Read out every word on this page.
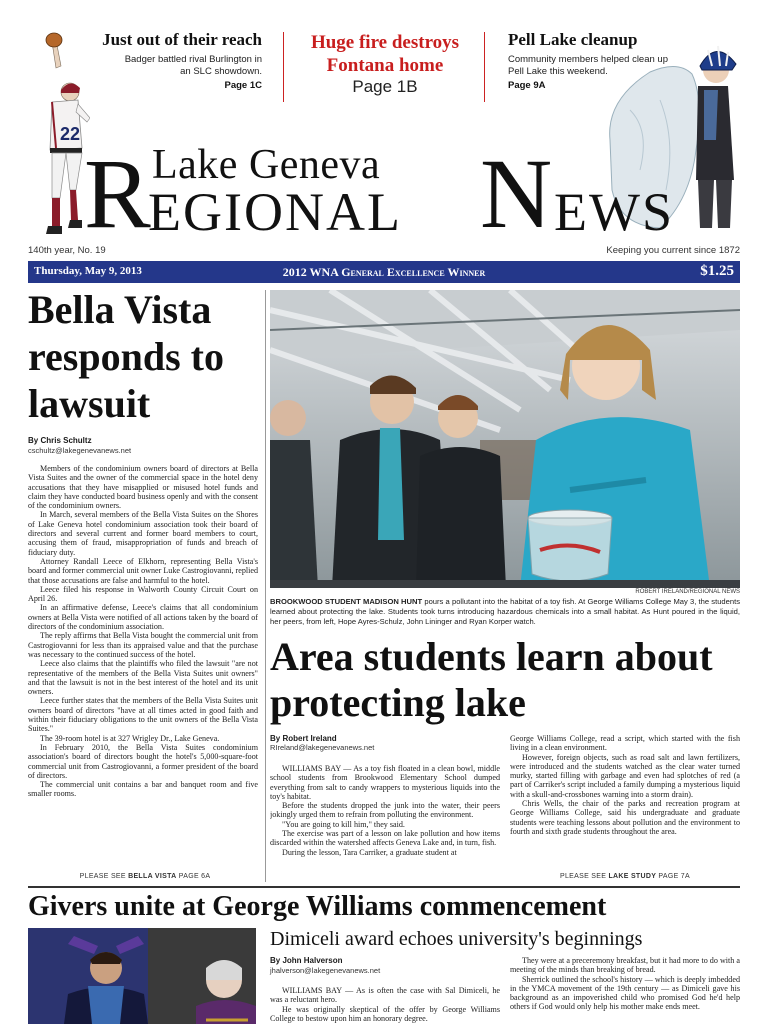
22
Just out of their reach
Badger battled rival Burlington in an SLC showdown.
Page 1C
Huge fire destroys Fontana home
Page 1B
Pell Lake cleanup
Community members helped clean up Pell Lake this weekend.
Page 9A
Lake Geneva
R
EGIONAL N EWS
140th year, No. 19	Keeping you current since 1872
Thursday, May 9, 2013	2012 WNA General Excellence Winner	$1.25
Bella Vista responds to lawsuit
By Chris Schultz
cschultz@lakegenevanews.net

Members of the condominium owners board of directors at Bella Vista Suites and the owner of the commercial space in the hotel deny accusations that they have misapplied or misused hotel funds and claim they have conducted board business openly and with the consent of the condominium owners.

In March, several members of the Bella Vista Suites on the Shores of Lake Geneva hotel condominium association took their board of directors and several current and former board members to court, accusing them of fraud, misappropriation of funds and breach of fiduciary duty.

Attorney Randall Leece of Elkhorn, representing Bella Vista's board and former commercial unit owner Luke Castrogiovanni, replied that those accusations are false and harmful to the hotel.

Leece filed his response in Walworth County Circuit Court on April 26.

In an affirmative defense, Leece's claims that all condominium owners at Bella Vista were notified of all actions taken by the board of directors of the condominium association.

The reply affirms that Bella Vista bought the commercial unit from Castrogiovanni for less than its appraised value and that the purchase was necessary to the continued success of the hotel.

Leece also claims that the plaintiffs who filed the lawsuit "are not representative of the members of the Bella Vista Suites unit owners" and that the lawsuit is not in the best interest of the hotel and its unit owners.

Leece further states that the members of the Bella Vista Suites unit owners board of directors "have at all times acted in good faith and within their fiduciary obligations to the unit owners of the Bella Vista Suites."

The 39-room hotel is at 327 Wrigley Dr., Lake Geneva.

In February 2010, the Bella Vista Suites condominium association's board of directors bought the hotel's 5,000-square-foot commercial unit from Castrogiovanni, a former president of the board of directors.

The commercial unit contains a bar and banquet room and five smaller rooms.

PLEASE SEE BELLA VISTA PAGE 6A
ROBERT IRELAND/REGIONAL NEWS
BROOKWOOD STUDENT MADISON HUNT pours a pollutant into the habitat of a toy fish. At George Williams College May 3, the students learned about protecting the lake. Students took turns introducing hazardous chemicals into a small habitat. As Hunt poured in the liquid, her peers, from left, Hope Ayres-Schulz, John Lininger and Ryan Korper watch.
Area students learn about protecting lake
By Robert Ireland
RIreland@lakegenevanews.net

WILLIAMS BAY — As a toy fish floated in a clean bowl, middle school students from Brookwood Elementary School dumped everything from salt to candy wrappers to mysterious liquids into the toy's habitat.

Before the students dropped the junk into the water, their peers jokingly urged them to refrain from polluting the environment.

"You are going to kill him," they said.

The exercise was part of a lesson on lake pollution and how items discarded within the watershed affects Geneva Lake and, in turn, fish.

During the lesson, Tara Carriker, a graduate student at

George Williams College, read a script, which started with the fish living in a clean environment.

However, foreign objects, such as road salt and lawn fertilizers, were introduced and the students watched as the clear water turned murky, started filling with garbage and even had splotches of red (a part of Carriker's script included a family dumping a mysterious liquid with a skull-and-crossbones warning into a storm drain).

Chris Wells, the chair of the parks and recreation program at George Williams College, said his undergraduate and graduate students were teaching lessons about pollution and the environment to fourth and sixth grade students throughout the area.

PLEASE SEE LAKE STUDY PAGE 7A
Givers unite at George Williams commencement
Dimiceli award echoes university's beginnings
By John Halverson
jhalverson@lakegenevanews.net

WILLIAMS BAY — As is often the case with Sal Dimiceli, he was a reluctant hero.

He was originally skeptical of the offer by George Williams College to bestow upon him an honorary degree.

They were at a preceremony breakfast, but it had more to do with a meeting of the minds than breaking of bread.

Sherrick outlined the school's history — which is deeply imbedded in the YMCA movement of the 19th century — as Dimiceli gave his background as an impoverished child who promised God he'd help others if God would only help his mother make ends meet.
